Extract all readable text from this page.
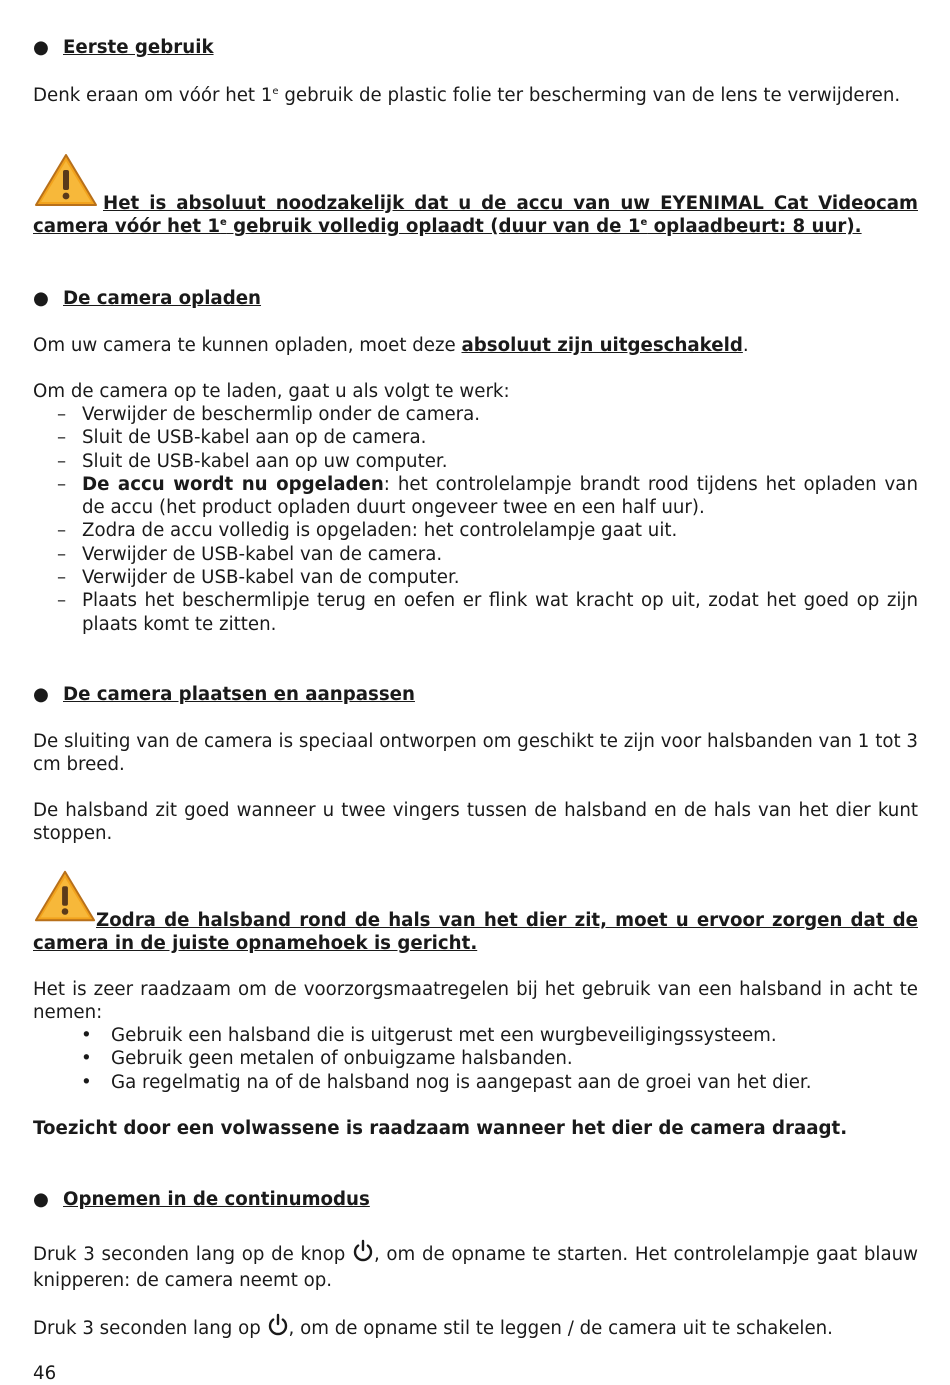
● Eerste gebruik

Denk eraan om vóór het 1e gebruik de plastic folie ter bescherming van de lens te verwijderen.

Het is absoluut noodzakelijk dat u de accu van uw EYENIMAL Cat Videocam camera vóór het 1e gebruik volledig oplaadt (duur van de 1e oplaadbeurt: 8 uur).

● De camera opladen

Om uw camera te kunnen opladen, moet deze absoluut zijn uitgeschakeld.

Om de camera op te laden, gaat u als volgt te werk:

– Verwijder de beschermlip onder de camera.
– Sluit de USB-kabel aan op de camera.
– Sluit de USB-kabel aan op uw computer.
– De accu wordt nu opgeladen: het controlelampje brandt rood tijdens het opladen van de accu (het product opladen duurt ongeveer twee en een half uur).
– Zodra de accu volledig is opgeladen: het controlelampje gaat uit.
– Verwijder de USB-kabel van de camera.
– Verwijder de USB-kabel van de computer.
– Plaats het beschermlipje terug en oefen er flink wat kracht op uit, zodat het goed op zijn plaats komt te zitten.
● De camera plaatsen en aanpassen

De sluiting van de camera is speciaal ontworpen om geschikt te zijn voor halsbanden van 1 tot 3 cm breed.

De halsband zit goed wanneer u twee vingers tussen de halsband en de hals van het dier kunt stoppen.

Zodra de halsband rond de hals van het dier zit, moet u ervoor zorgen dat de camera in de juiste opnamehoek is gericht.

Het is zeer raadzaam om de voorzorgsmaatregelen bij het gebruik van een halsband in acht te nemen:

• Gebruik een halsband die is uitgerust met een wurgbeveiligingssysteem.
• Gebruik geen metalen of onbuigzame halsbanden.
• Ga regelmatig na of de halsband nog is aangepast aan de groei van het dier.

Toezicht door een volwassene is raadzaam wanneer het dier de camera draagt.

● Opnemen in de continumodus

Druk 3 seconden lang op de knop , om de opname te starten. Het controlelampje gaat blauw knipperen: de camera neemt op.

Druk 3 seconden lang op , om de opname stil te leggen / de camera uit te schakelen.

46
